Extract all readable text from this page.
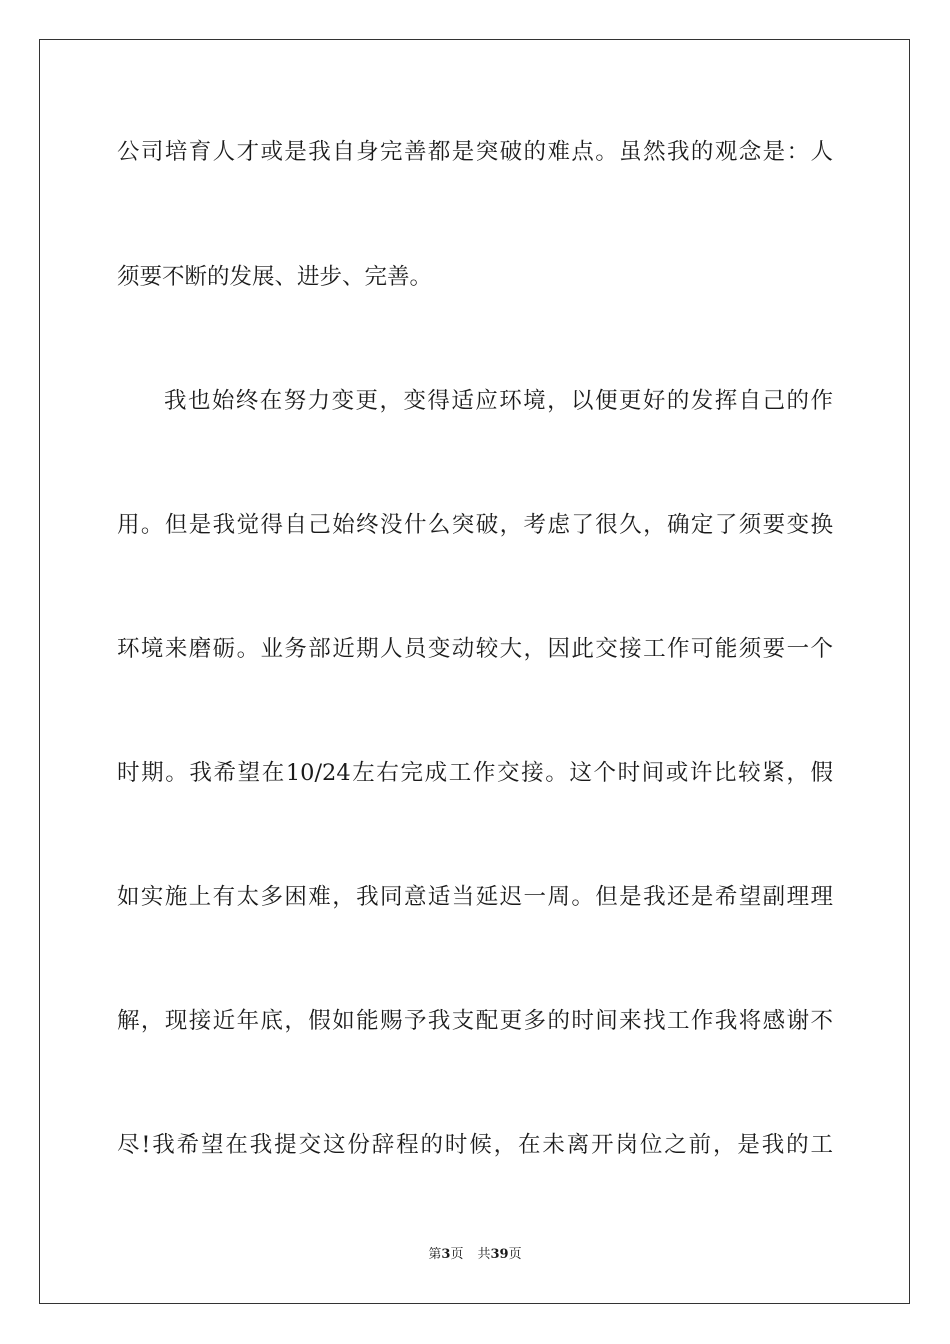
公司培育人才或是我自身完善都是突破的难点。虽然我的观念是：人
须要不断的发展、进步、完善。
我也始终在努力变更，变得适应环境，以便更好的发挥自己的作
用。但是我觉得自己始终没什么突破，考虑了很久，确定了须要变换
环境来磨砺。业务部近期人员变动较大，因此交接工作可能须要一个
时期。我希望在10/24左右完成工作交接。这个时间或许比较紧，假
如实施上有太多困难，我同意适当延迟一周。但是我还是希望副理理
解，现接近年底，假如能赐予我支配更多的时间来找工作我将感谢不
尽!我希望在我提交这份辞程的时候，在未离开岗位之前，是我的工
第3页 共39页
